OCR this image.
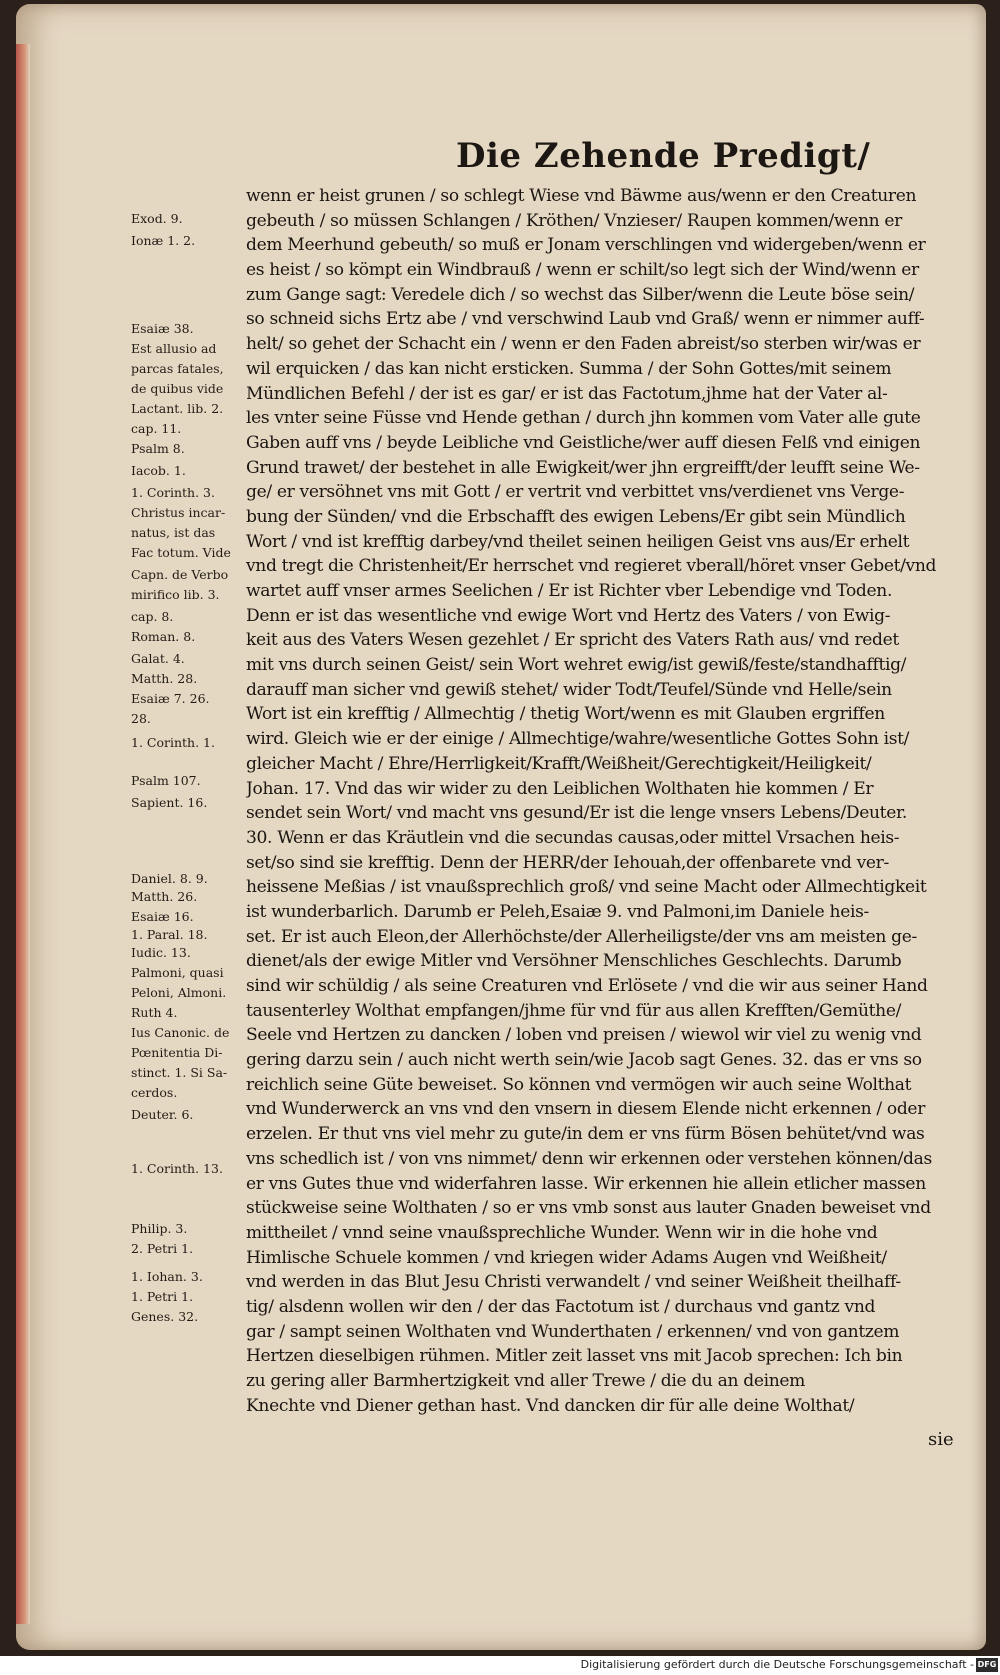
Die Zehende Predigt/
Exod. 9.
Ionæ 1. 2.
Esaiæ 38.
Est allusio ad
parcas fatales,
de quibus vide
Lactant. lib. 2.
cap. 11.
Psalm 8.
Iacob. 1.
1. Corinth. 3.
Christus incar-
natus, ist das
Fac totum. Vide
Capn. de Verbo
mirifico lib. 3.
cap. 8.
Roman. 8.
Galat. 4.
Matth. 28.
Esaiæ 7. 26.
28.
1. Corinth. 1.
Psalm 107.
Sapient. 16.
Daniel. 8. 9.
Matth. 26.
Esaiæ 16.
1. Paral. 18.
Iudic. 13.
Palmoni, quasi
Peloni, Almoni.
Ruth 4.
Ius Canonic. de
Pœnitentia Di-
stinct. 1. Si Sa-
cerdos.
Deuter. 6.
1. Corinth. 13.
Philip. 3.
2. Petri 1.
1. Iohan. 3.
1. Petri 1.
Genes. 32.
wenn er heist grunen / so schlegt Wiese vnd Bäwme aus/wenn er den Creaturen
gebeuth / so müssen Schlangen / Kröthen/ Vnzieser/ Raupen kommen/wenn er
dem Meerhund gebeuth/ so muß er Jonam verschlingen vnd widergeben/wenn er
es heist / so kömpt ein Windbrauß / wenn er schilt/so legt sich der Wind/wenn er
zum Gange sagt: Veredele dich / so wechst das Silber/wenn die Leute böse sein/
so schneid sichs Ertz abe / vnd verschwind Laub vnd Graß/ wenn er nimmer auff-
helt/ so gehet der Schacht ein / wenn er den Faden abreist/so sterben wir/was er
wil erquicken / das kan nicht ersticken. Summa / der Sohn Gottes/mit seinem
Mündlichen Befehl / der ist es gar/ er ist das Factotum,jhme hat der Vater al-
les vnter seine Füsse vnd Hende gethan / durch jhn kommen vom Vater alle gute
Gaben auff vns / beyde Leibliche vnd Geistliche/wer auff diesen Felß vnd einigen
Grund trawet/ der bestehet in alle Ewigkeit/wer jhn ergreifft/der leufft seine We-
ge/ er versöhnet vns mit Gott / er vertrit vnd verbittet vns/verdienet vns Verge-
bung der Sünden/ vnd die Erbschafft des ewigen Lebens/Er gibt sein Mündlich
Wort / vnd ist krefftig darbey/vnd theilet seinen heiligen Geist vns aus/Er erhelt
vnd tregt die Christenheit/Er herrschet vnd regieret vberall/höret vnser Gebet/vnd
wartet auff vnser armes Seelichen / Er ist Richter vber Lebendige vnd Toden.
Denn er ist das wesentliche vnd ewige Wort vnd Hertz des Vaters / von Ewig-
keit aus des Vaters Wesen gezehlet / Er spricht des Vaters Rath aus/ vnd redet
mit vns durch seinen Geist/ sein Wort wehret ewig/ist gewiß/feste/standhafftig/
darauff man sicher vnd gewiß stehet/ wider Todt/Teufel/Sünde vnd Helle/sein
Wort ist ein krefftig / Allmechtig / thetig Wort/wenn es mit Glauben ergriffen
wird. Gleich wie er der einige / Allmechtige/wahre/wesentliche Gottes Sohn ist/
gleicher Macht / Ehre/Herrligkeit/Krafft/Weißheit/Gerechtigkeit/Heiligkeit/
Johan. 17. Vnd das wir wider zu den Leiblichen Wolthaten hie kommen / Er
sendet sein Wort/ vnd macht vns gesund/Er ist die lenge vnsers Lebens/Deuter.
30. Wenn er das Kräutlein vnd die secundas causas,oder mittel Vrsachen heis-
set/so sind sie krefftig. Denn der HERR/der Iehouah,der offenbarete vnd ver-
heissene Meßias / ist vnaußsprechlich groß/ vnd seine Macht oder Allmechtigkeit
ist wunderbarlich. Darumb er Peleh,Esaiæ 9. vnd Palmoni,im Daniele heis-
set. Er ist auch Eleon,der Allerhöchste/der Allerheiligste/der vns am meisten ge-
dienet/als der ewige Mitler vnd Versöhner Menschliches Geschlechts. Darumb
sind wir schüldig / als seine Creaturen vnd Erlösete / vnd die wir aus seiner Hand
tausenterley Wolthat empfangen/jhme für vnd für aus allen Krefften/Gemüthe/
Seele vnd Hertzen zu dancken / loben vnd preisen / wiewol wir viel zu wenig vnd
gering darzu sein / auch nicht werth sein/wie Jacob sagt Genes. 32. das er vns so
reichlich seine Güte beweiset. So können vnd vermögen wir auch seine Wolthat
vnd Wunderwerck an vns vnd den vnsern in diesem Elende nicht erkennen / oder
erzelen. Er thut vns viel mehr zu gute/in dem er vns fürm Bösen behütet/vnd was
vns schedlich ist / von vns nimmet/ denn wir erkennen oder verstehen können/das
er vns Gutes thue vnd widerfahren lasse. Wir erkennen hie allein etlicher massen
stückweise seine Wolthaten / so er vns vmb sonst aus lauter Gnaden beweiset vnd
mittheilet / vnnd seine vnaußsprechliche Wunder. Wenn wir in die hohe vnd
Himlische Schuele kommen / vnd kriegen wider Adams Augen vnd Weißheit/
vnd werden in das Blut Jesu Christi verwandelt / vnd seiner Weißheit theilhaff-
tig/ alsdenn wollen wir den / der das Factotum ist / durchaus vnd gantz vnd
gar / sampt seinen Wolthaten vnd Wunderthaten / erkennen/ vnd von gantzem
Hertzen dieselbigen rühmen. Mitler zeit lasset vns mit Jacob sprechen: Ich bin
zu gering aller Barmhertzigkeit vnd aller Trewe / die du an deinem
Knechte vnd Diener gethan hast. Vnd dancken dir für alle deine Wolthat/
sie
Digitalisierung gefördert durch die Deutsche Forschungsgemeinschaft - DFG
